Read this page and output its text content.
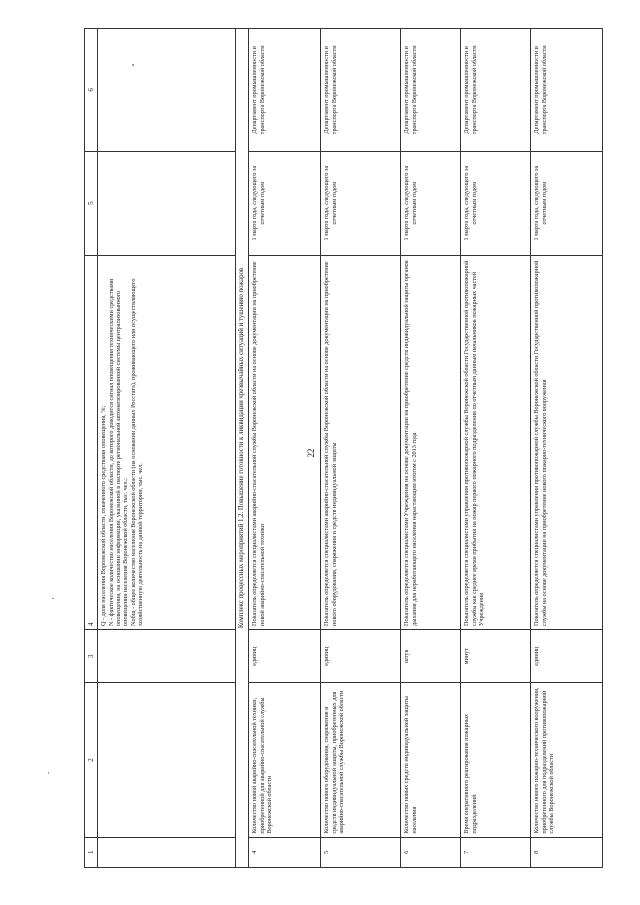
22
1	2	3	4	5	6

			Q - доля населения Воронежской области, охваченного средствами оповещения, %; N - фактическое количество населения Воронежской области, до которого доводится сигнал оповещения техническими средствами оповещения, на основании информации, указанной в паспорте региональной автоматизированной системы централизованного оповещения населения Воронежской области, тыс. чел.; Nобщ - общее количество населения Воронежской области (на основании данных Росстата), проживающего или осуществляющего хозяйственную деятельность на данной территории, тыс. чел.		

Комплекс процессных мероприятий 1.2. Повышение готовности к ликвидации чрезвычайных ситуаций и тушению пожаров					
4	Количество новой аварийно-спасательной техники, приобретенной для аварийно-спасательной службы Воронежской области	единиц	Показатель определяется специалистами аварийно-спасательной службы Воронежской области на основе документации на приобретение новой аварийно-спасательной техники	1 марта года, следующего за отчетным годом	Департамент промышленности и транспорта Воронежской области
5	Количество нового оборудования, снаряжения и средств индивидуальной защиты, приобретенных для аварийно-спасательной службы Воронежской области	единиц	Показатель определяется специалистами аварийно-спасательной службы Воронежской области на основе документации на приобретение нового оборудования, снаряжения и средств индивидуальной защиты	1 марта года, следующего за отчетным годом	Департамент промышленности и транспорта Воронежской области
6	Количество новых средств индивидуальной защиты населения	штук	Показатель определяется специалистами Учреждения на основе документации на приобретение средств индивидуальной защиты органов дыхания для неработающего населения нарастающим итогом с 2013 года	1 марта года, следующего за отчетным годом	Департамент промышленности и транспорта Воронежской области
7	Время оперативного реагирования пожарных подразделений	минут	Показатель определяется специалистами управления противопожарной службы Воронежской области Государственной противопожарной службы как среднее время прибытия на пожар первого пожарного подразделения по отчетным данным начальников пожарных частей Учреждения	1 марта года, следующего за отчетным годом	Департамент промышленности и транспорта Воронежской области
8	Количество нового пожарно-технического вооружения, приобретенного для подразделений противопожарной службы Воронежской области	единиц	Показатель определяется специалистами управления противопожарной службы Воронежской области Государственной противопожарной службы на основе документации на приобретение нового пожарно-технического вооружения	1 марта года, следующего за отчетным годом	Департамент промышленности и транспорта Воронежской области
